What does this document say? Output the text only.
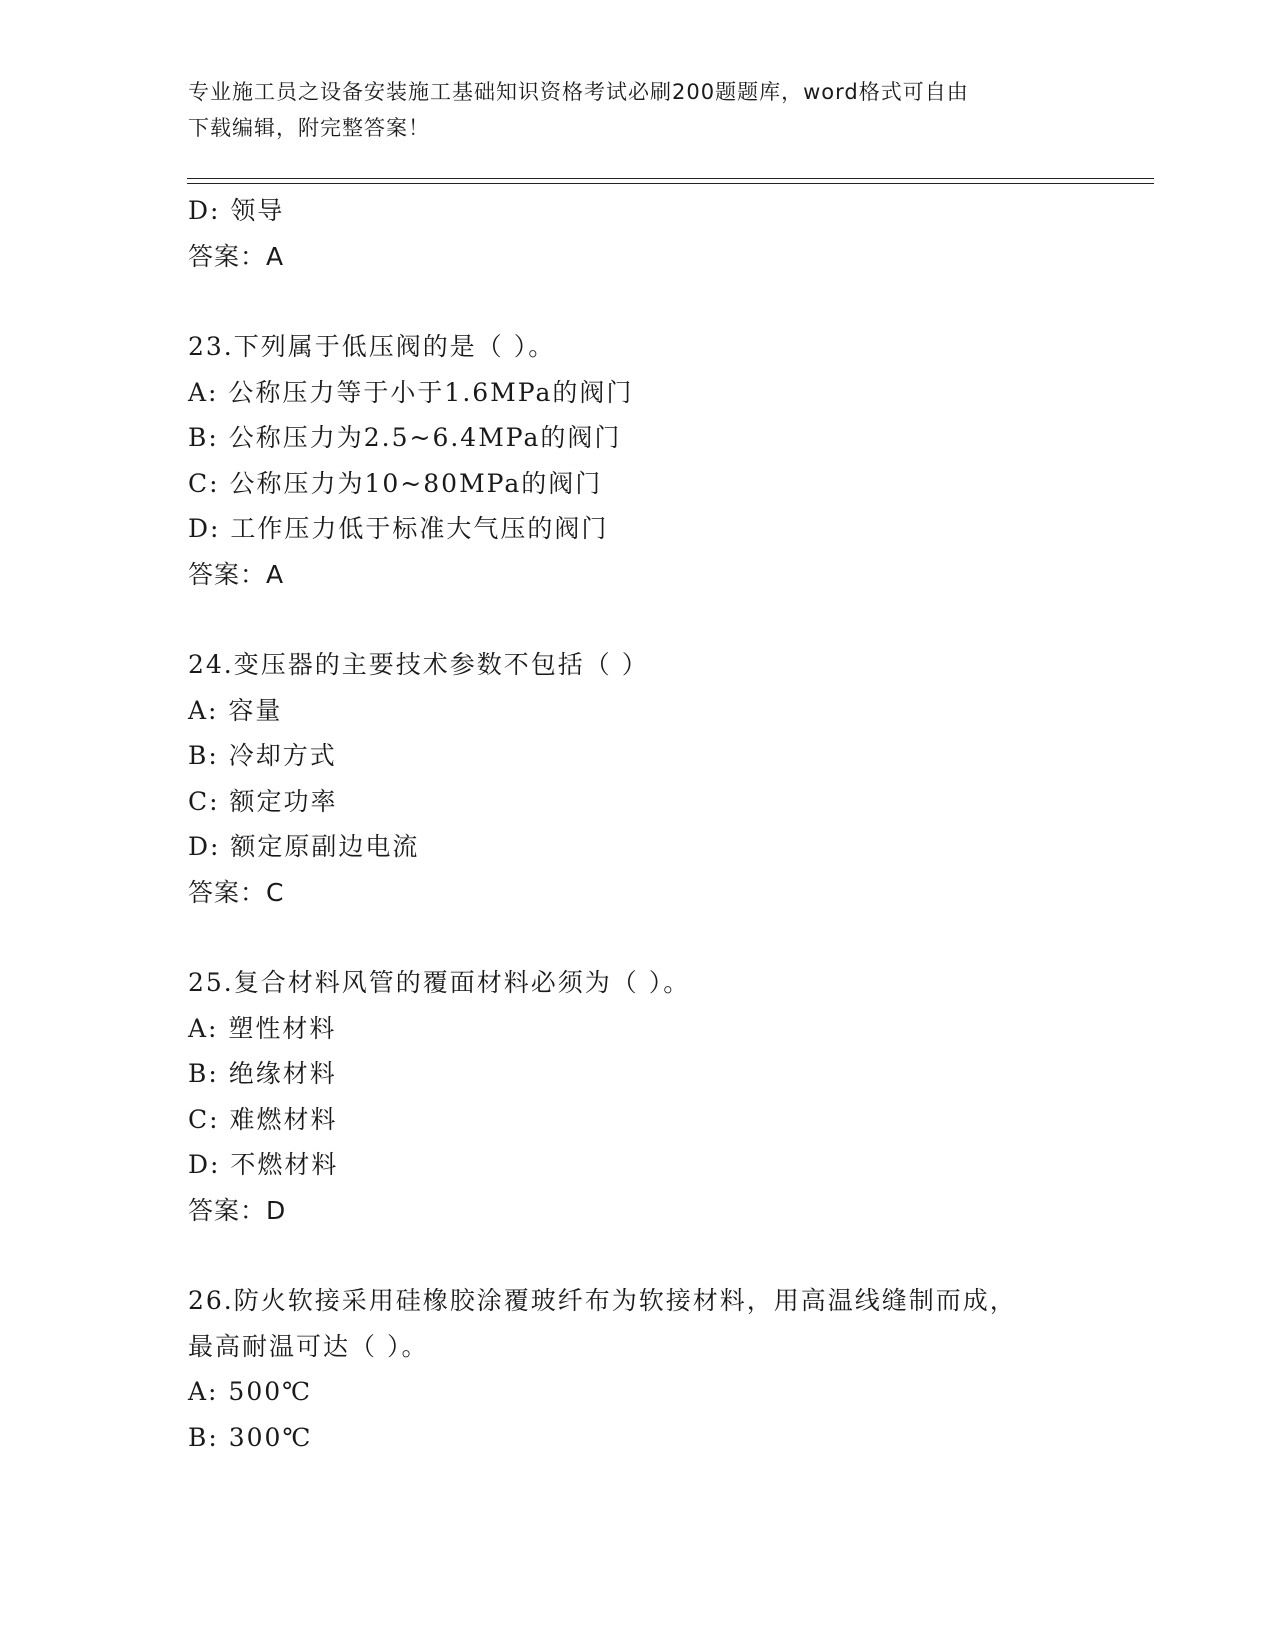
专业施工员之设备安装施工基础知识资格考试必刷200题题库，word格式可自由
下载编辑，附完整答案！
D: 领导
答案：A
23.下列属于低压阀的是（ ）。
A: 公称压力等于小于1.6MPa的阀门
B: 公称压力为2.5~6.4MPa的阀门
C: 公称压力为10~80MPa的阀门
D: 工作压力低于标准大气压的阀门
答案：A
24.变压器的主要技术参数不包括（ ）
A: 容量
B: 冷却方式
C: 额定功率
D: 额定原副边电流
答案：C
25.复合材料风管的覆面材料必须为（ ）。
A: 塑性材料
B: 绝缘材料
C: 难燃材料
D: 不燃材料
答案：D
26.防火软接采用硅橡胶涂覆玻纤布为软接材料，用高温线缝制而成，
最高耐温可达（ ）。
A: 500℃
B: 300℃
